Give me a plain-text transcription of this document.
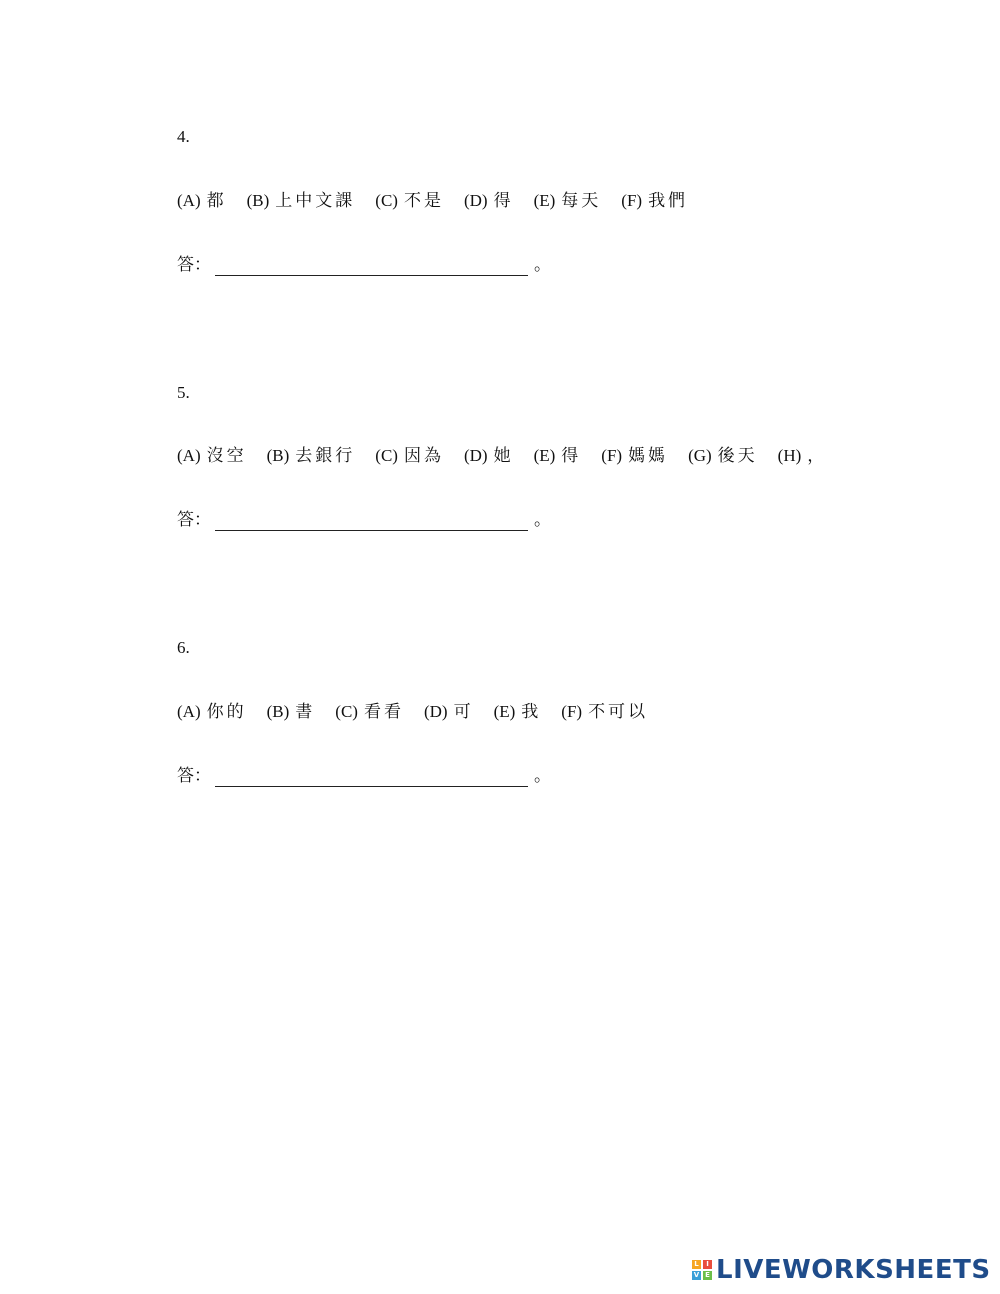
4.
(A) 都 (B) 上中文課 (C) 不是 (D) 得 (E) 每天 (F) 我們
答：	。
5.
(A) 沒空 (B) 去銀行 (C) 因為 (D) 她 (E) 得 (F) 媽媽 (G) 後天 (H) ，
答：	。
6.
(A) 你的 (B) 書 (C) 看看 (D) 可 (E) 我 (F) 不可以
答：	。
L	I
V E LIVEWORKSHEETS
